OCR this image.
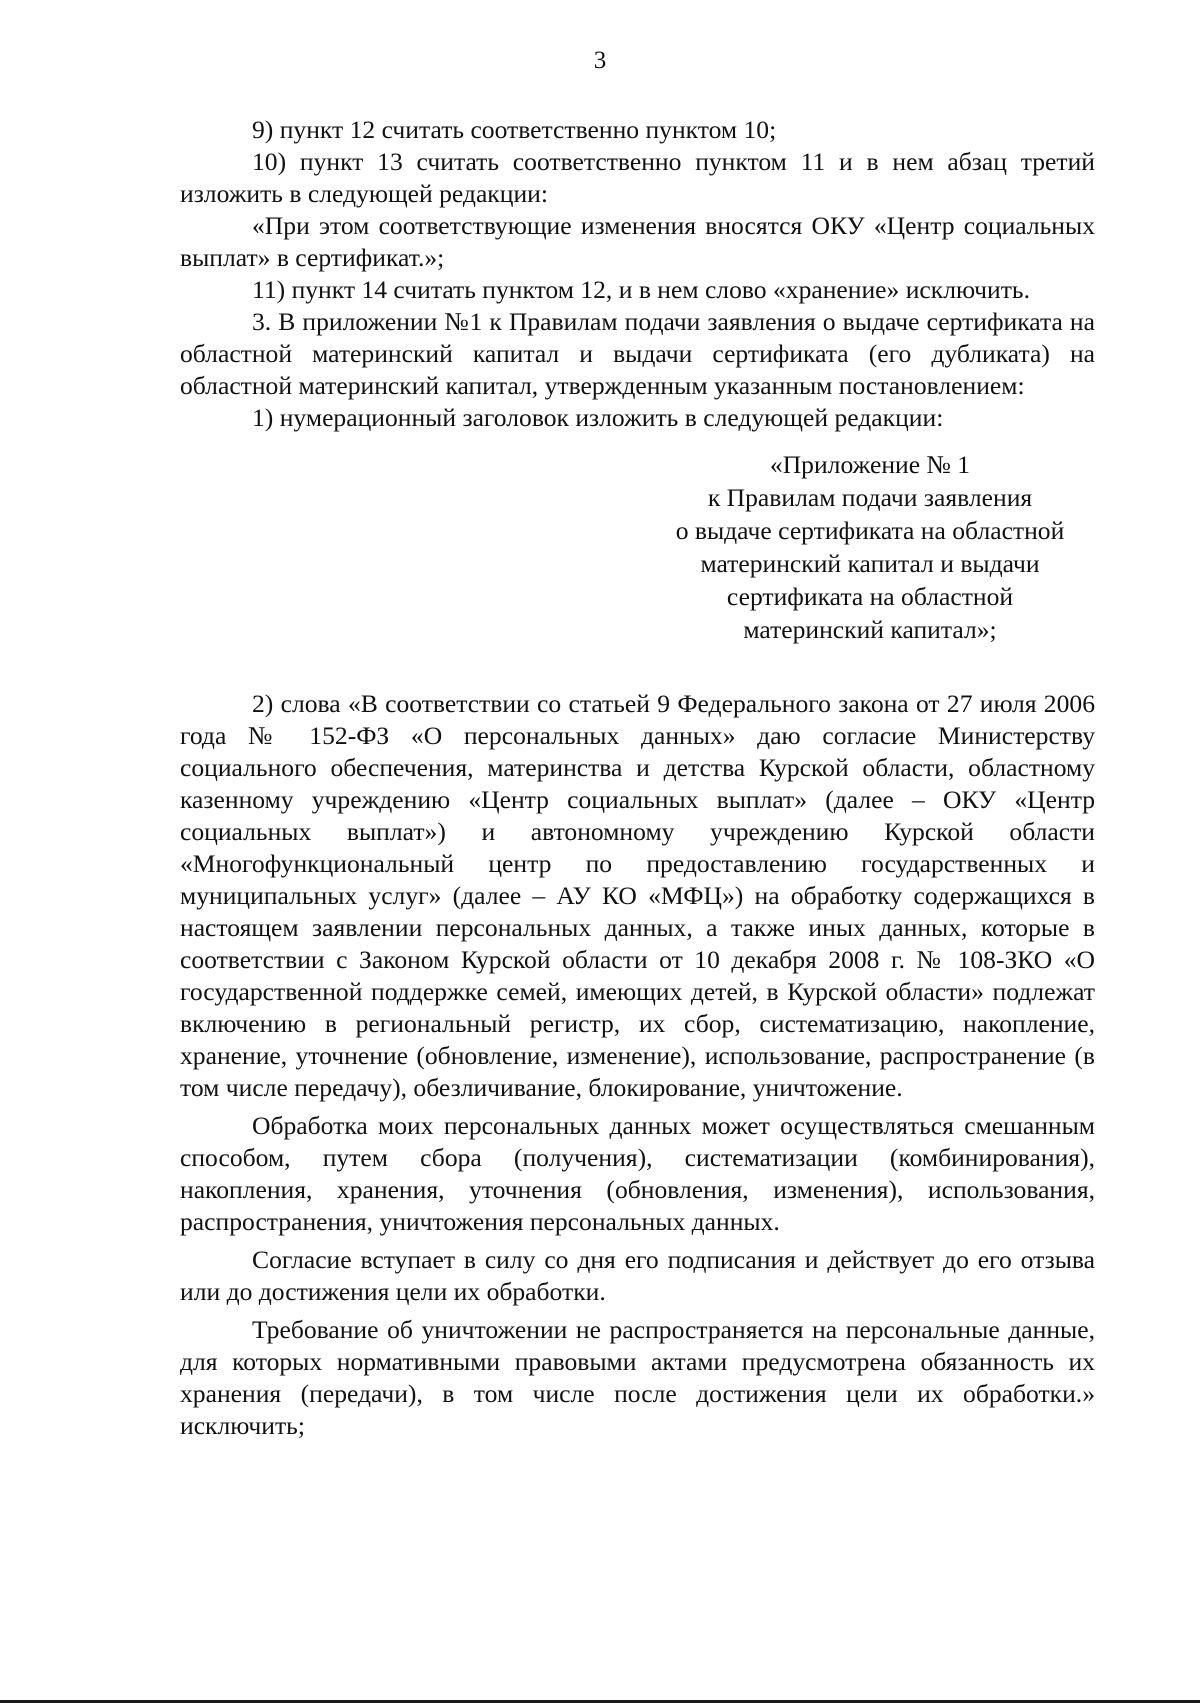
3

9) пункт 12 считать соответственно пунктом 10;

10) пункт 13 считать соответственно пунктом 11 и в нем абзац третий изложить в следующей редакции:

«При этом соответствующие изменения вносятся ОКУ «Центр социальных выплат» в сертификат.»;

11) пункт 14 считать пунктом 12, и в нем слово «хранение» исключить.

3. В приложении №1 к Правилам подачи заявления о выдаче сертификата на областной материнский капитал и выдачи сертификата (его дубликата) на областной материнский капитал, утвержденным указанным постановлением:

1) нумерационный заголовок изложить в следующей редакции:

«Приложение № 1
к Правилам подачи заявления
о выдаче сертификата на областной
материнский капитал и выдачи
сертификата на областной
материнский капитал»;

2) слова «В соответствии со статьей 9 Федерального закона от 27 июля 2006 года № 152-ФЗ «О персональных данных» даю согласие Министерству социального обеспечения, материнства и детства Курской области, областному казенному учреждению «Центр социальных выплат» (далее – ОКУ «Центр социальных выплат») и автономному учреждению Курской области «Многофункциональный центр по предоставлению государственных и муниципальных услуг» (далее – АУ КО «МФЦ») на обработку содержащихся в настоящем заявлении персональных данных, а также иных данных, которые в соответствии с Законом Курской области от 10 декабря 2008 г. № 108-ЗКО «О государственной поддержке семей, имеющих детей, в Курской области» подлежат включению в региональный регистр, их сбор, систематизацию, накопление, хранение, уточнение (обновление, изменение), использование, распространение (в том числе передачу), обезличивание, блокирование, уничтожение.

Обработка моих персональных данных может осуществляться смешанным способом, путем сбора (получения), систематизации (комбинирования), накопления, хранения, уточнения (обновления, изменения), использования, распространения, уничтожения персональных данных.

Согласие вступает в силу со дня его подписания и действует до его отзыва или до достижения цели их обработки.

Требование об уничтожении не распространяется на персональные данные, для которых нормативными правовыми актами предусмотрена обязанность их хранения (передачи), в том числе после достижения цели их обработки.» исключить;
